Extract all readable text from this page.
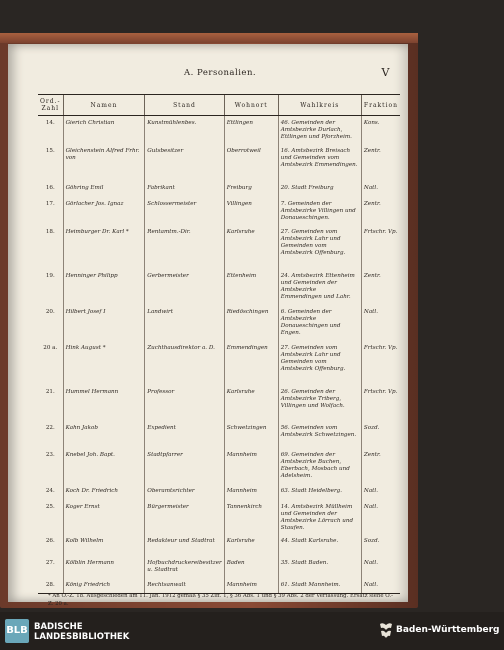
A. Personalien.	V
Ord.-Zahl	Namen	Stand	Wohnort	Wahlkreis	Fraktion
14.	Gierich Christian	Kunstmühlenbes.	Ettlingen	46. Gemeinden der Amtsbezirke Durlach, Ettlingen und Pforzheim.	Kons.
15.	Gleichenstein Alfred Frhr. von	Gutsbesitzer	Oberrotweil	16. Amtsbezirk Breisach und Gemeinden vom Amtsbezirk Emmendingen.	Zentr.
16.	Göhring Emil	Fabrikant	Freiburg	20. Stadt Freiburg	Natl.
17.	Görlacher Jos. Ignaz	Schlossermeister	Villingen	7. Gemeinden der Amtsbezirke Villingen und Donaueschingen.	Zentr.
18.	Heimburger Dr. Karl *	Rentamtm.-Dir.	Karlsruhe	27. Gemeinden vom Amtsbezirk Lahr und Gemeinden vom Amtsbezirk Offenburg.	Frtschr. Vp.
19.	Henninger Philipp	Gerbermeister	Ettenheim	24. Amtsbezirk Ettenheim und Gemeinden der Amtsbezirke Emmendingen und Lahr.	Zentr.
20.	Hilbert Josef I	Landwirt	Riedöschingen	6. Gemeinden der Amtsbezirke Donaueschingen und Engen.	Natl.
20 a.	Hink August *	Zuchthausdirektor a. D.	Emmendingen	27. Gemeinden vom Amtsbezirk Lahr und Gemeinden vom Amtsbezirk Offenburg.	Frtschr. Vp.
21.	Hummel Hermann	Professor	Karlsruhe	26. Gemeinden der Amtsbezirke Triberg, Villingen und Wolfach.	Frtschr. Vp.
22.	Kahn Jakob	Expedient	Schwetzingen	56. Gemeinden vom Amtsbezirk Schwetzingen.	Sozd.
23.	Knebel Joh. Bapt.	Stadtpfarrer	Mannheim	69. Gemeinden der Amtsbezirke Buchen, Eberbach, Mosbach und Adelsheim.	Zentr.
24.	Koch Dr. Friedrich	Oberamtsrichter	Mannheim	63. Stadt Heidelberg.	Natl.
25.	Koger Ernst	Bürgermeister	Tannenkirch	14. Amtsbezirk Müllheim und Gemeinden der Amtsbezirke Lörrach und Staufen.	Natl.
26.	Kolb Wilhelm	Redakteur und Stadtrat	Karlsruhe	44. Stadt Karlsruhe.	Sozd.
27.	Kölblin Hermann	Hofbuchdruckereibesitzer u. Stadtrat	Baden	35. Stadt Baden.	Natl.
28.	König Friedrich	Rechtsanwalt	Mannheim	61. Stadt Mannheim.	Natl.
* An O.-Z. 18. Ausgeschieden am 11. Jan. 1912 gemäß § 35 Ziff. 1, § 36 Abs. 1 und § 39 Abs. 2 der Verfassung. Ersatz siehe O.-Z. 20 a.
BLB BADISCHE
LANDESBIBLIOTHEK
Baden-Württemberg
